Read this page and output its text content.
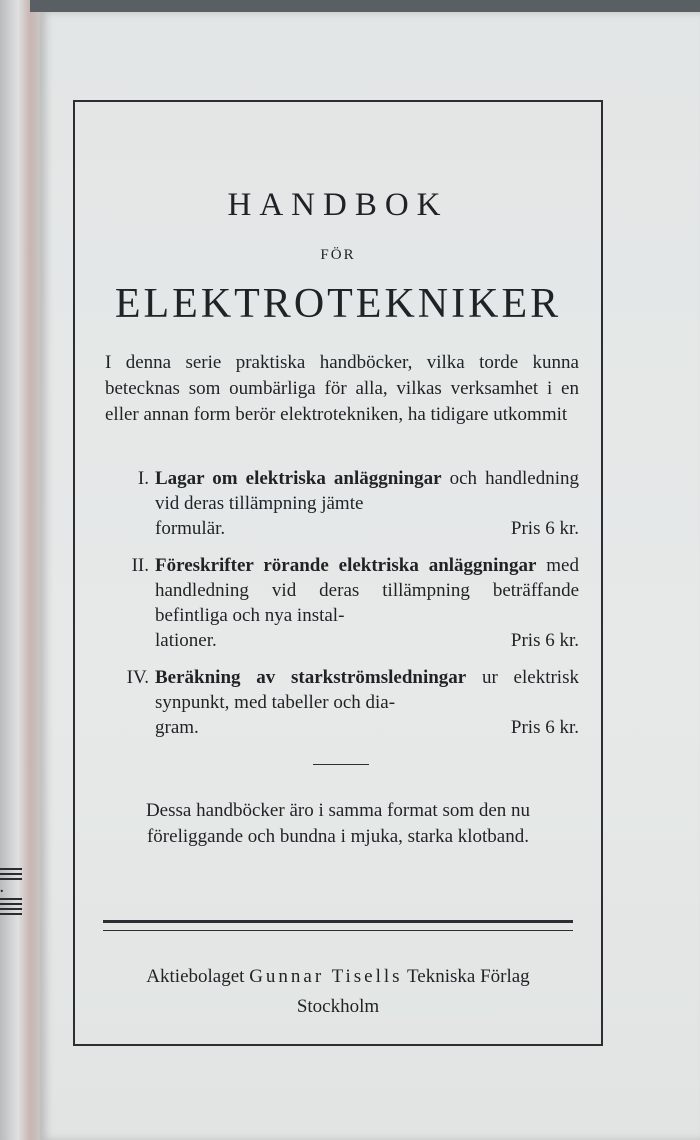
.
HANDBOK
FÖR
ELEKTROTEKNIKER
I denna serie praktiska handböcker, vilka torde kunna betecknas som oumbärliga för alla, vilkas verksamhet i en eller annan form berör elektrotekniken, ha tidigare utkommit
I. Lagar om elektriska anläggningar och handledning vid deras tillämpning jämte
formulär.	Pris 6 kr.
II. Föreskrifter rörande elektriska anläggningar med handledning vid deras tillämpning beträffande befintliga och nya instal-
lationer.	Pris 6 kr.
IV. Beräkning av starkströmsledningar ur elektrisk synpunkt, med tabeller och dia-
gram.	Pris 6 kr.
Dessa handböcker äro i samma format som den nu föreliggande och bundna i mjuka, starka klotband.
Aktiebolaget Gunnar Tisells Tekniska Förlag
Stockholm
